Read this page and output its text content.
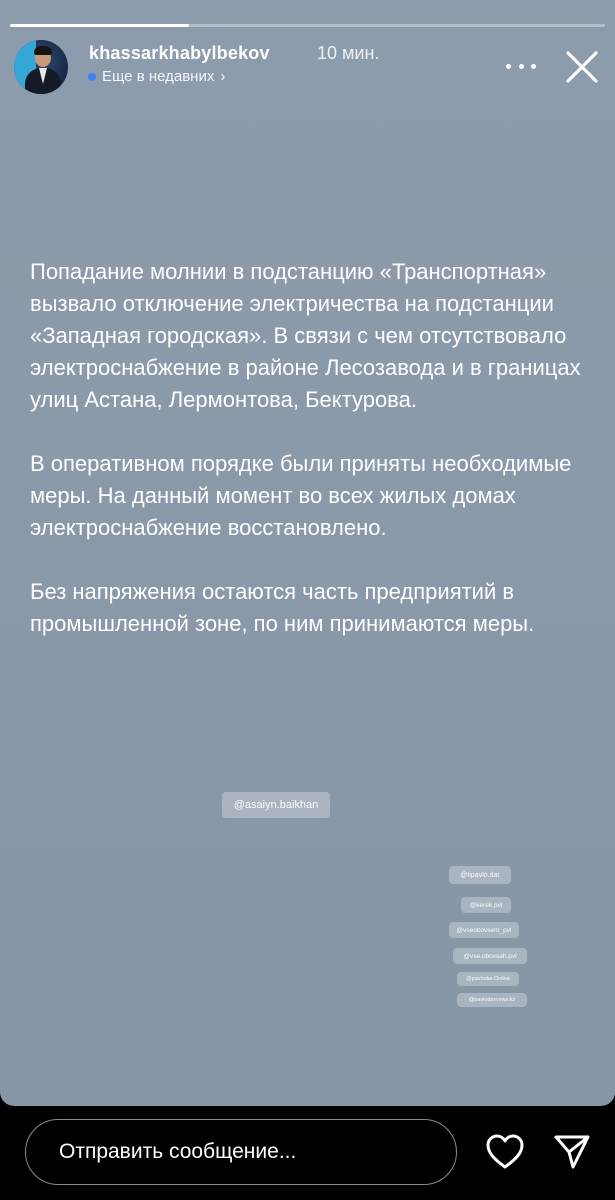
khassarkhabylbekov	10 мин.
Еще в недавних ›

Попадание молнии в подстанцию «Транспортная» вызвало отключение электричества на подстанции «Западная городская». В связи с чем отсутствовало электроснабжение в районе Лесозавода и в границах улиц Астана, Лермонтова, Бектурова.

В оперативном порядке были приняты необходимые меры. На данный момент во всех жилых домах электроснабжение восстановлено.

Без напряжения остаются часть предприятий в промышленной зоне, по ним принимаются меры.

@asaiyn.baikhan
@tipavlo.dar
@kerek.pvl
@vseobovsem_pvl
@vse.obovsah.pvl
@pavlodar.Online
@pavlodarnews.kz
Отправить сообщение...
